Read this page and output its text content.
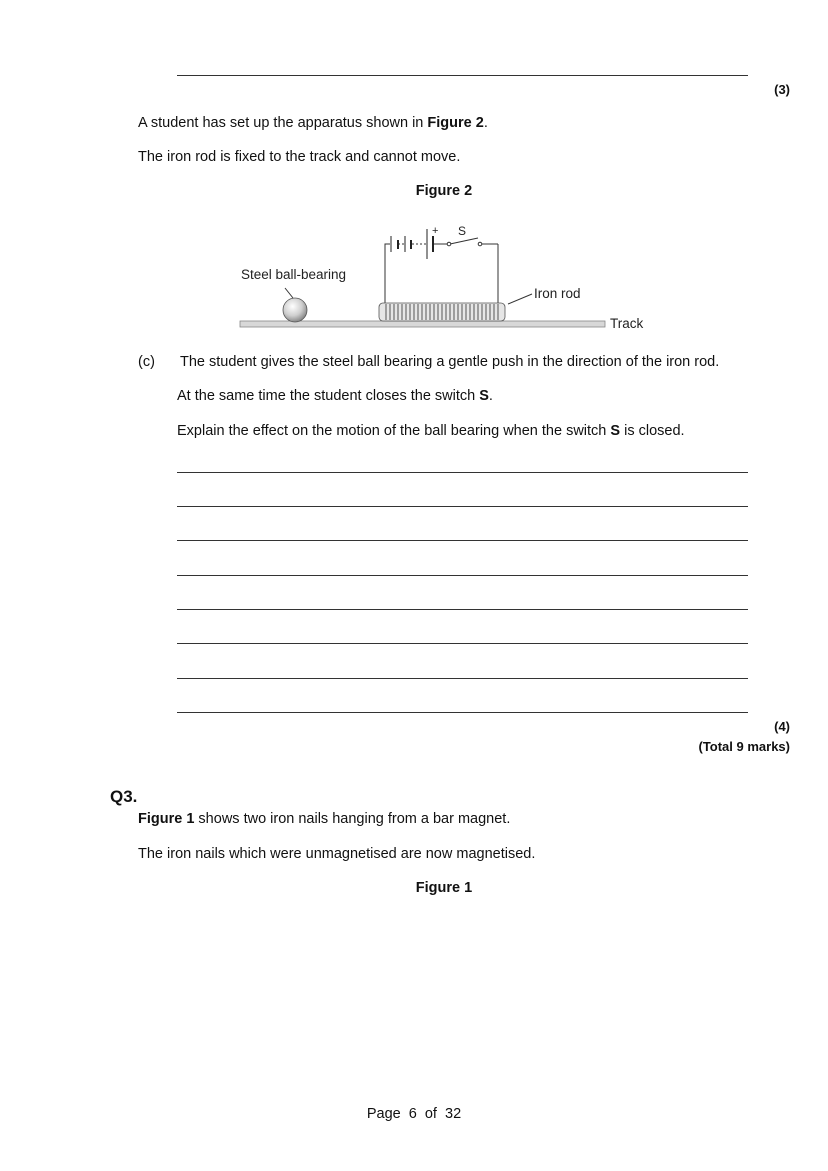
(3)
A student has set up the apparatus shown in Figure 2.
The iron rod is fixed to the track and cannot move.
Figure 2
+ S
Track
Iron rod
Steel ball-bearing
(c) The student gives the steel ball bearing a gentle push in the direction of the iron rod.
At the same time the student closes the switch S.
Explain the effect on the motion of the ball bearing when the switch S is closed.
(4)
(Total 9 marks)
Q3.
Figure 1 shows two iron nails hanging from a bar magnet.
The iron nails which were unmagnetised are now magnetised.
Figure 1
Page  6  of  32
